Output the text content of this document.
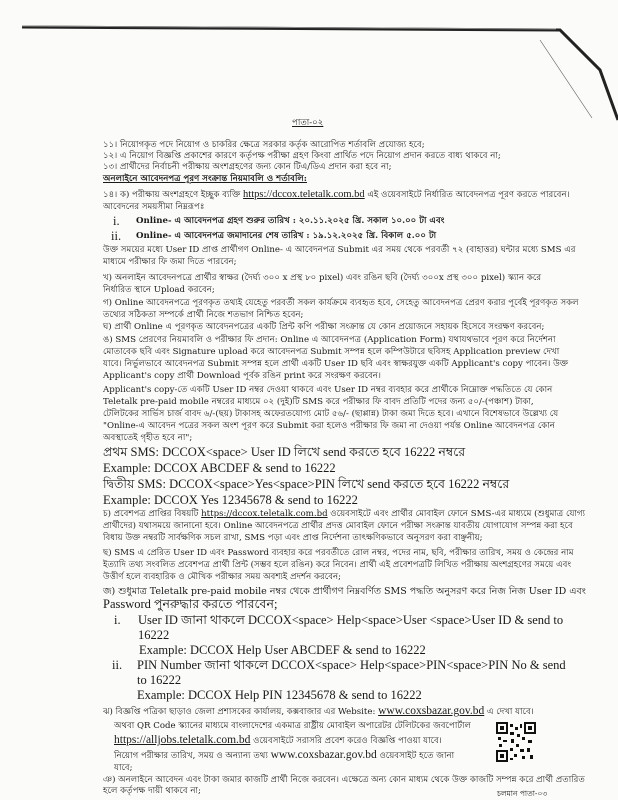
পাতা-০২
১১। নিয়োগকৃত পদে নিয়োগ ও চাকরির ক্ষেত্রে সরকার কর্তৃক আরোপিত শর্তাবলি প্রযোজ্য হবে;
১২। এ নিয়োগ বিজ্ঞপ্তি প্রকাশের কারণে কর্তৃপক্ষ পরীক্ষা গ্রহণ কিংবা প্রার্থিত পদে নিয়োগ প্রদান করতে বাধ্য থাকবে না;
১৩। প্রার্থীদের নির্বাচনী পরীক্ষায় অংশগ্রহণের জন্য কোন টিএ/ডিএ প্রদান করা হবে না;
অনলাইনে আবেদনপত্র পূরণ সংক্রান্ত নিয়মাবলি ও শর্তাবলি:
১৪। ক) পরীক্ষায় অংশগ্রহণে ইচ্ছুক ব্যক্তি https://dccox.teletalk.com.bd এই ওয়েবসাইটে নির্ধারিত আবেদনপত্র পূরণ করতে পারবেন।
আবেদনের সময়সীমা নিম্নরূপঃ
i. Online- এ আবেদনপত্র গ্রহণ শুরুর তারিখ : ২০.১১.২০২৫ খ্রি. সকাল ১০.০০ টা এবং
ii. Online- এ আবেদনপত্র জমাদানের শেষ তারিখ : ১৯.১২.২০২৫ খ্রি. বিকাল ৫.০০ টা
উক্ত সময়ের মধ্যে User ID প্রাপ্ত প্রার্থীগণ Online- এ আবেদনপত্র Submit এর সময় থেকে পরবর্তী ৭২ (বাহাত্তর) ঘন্টার মধ্যে SMS এর
মাধ্যমে পরীক্ষার ফি জমা দিতে পারবেন;
খ) অনলাইন আবেদনপত্রে প্রার্থীর স্বাক্ষর (দৈর্ঘ্য ৩০০ x প্রস্থ ৮০ pixel) এবং রঙিন ছবি (দৈর্ঘ্য ৩০০x প্রস্থ ৩০০ pixel) স্ক্যান করে
নির্ধারিত স্থানে Upload করবেন;
গ) Online আবেদনপত্রে পূরণকৃত তথ্যই যেহেতু পরবর্তী সকল কার্যক্রমে ব্যবহৃত হবে, সেহেতু আবেদনপত্র প্রেরণ করার পূর্বেই পূরণকৃত সকল
তথ্যের সঠিকতা সম্পর্কে প্রার্থী নিজে শতভাগ নিশ্চিত হবেন;
ঘ) প্রার্থী Online এ পূরণকৃত আবেদনপত্রের একটি প্রিন্ট কপি পরীক্ষা সংক্রান্ত যে কোন প্রয়োজনে সহায়ক হিসেবে সংরক্ষণ করবেন;
ঙ) SMS প্রেরণের নিয়মাবলি ও পরীক্ষার ফি প্রদান: Online এ আবেদনপত্র (Application Form) যথাযথভাবে পূরণ করে নির্দেশনা
মোতাবেক ছবি এবং Signature upload করে আবেদনপত্র Submit সম্পন্ন হলে কম্পিউটারে ছবিসহ Application preview দেখা
যাবে। নির্ভুলভাবে আবেদনপত্র Submit সম্পন্ন হলে প্রার্থী একটি User ID ছবি এবং স্বাক্ষরযুক্ত একটি Applicant's copy পাবেন। উক্ত
Applicant's copy প্রার্থী Download পূর্বক রঙিন print করে সংরক্ষণ করবেন।
Applicant's copy-তে একটি User ID নম্বর দেওয়া থাকবে এবং User ID নম্বর ব্যবহার করে প্রার্থীকে নিম্নোক্ত পদ্ধতিতে যে কোন
Teletalk pre-paid mobile নম্বরের মাধ্যমে ০২ (দুই)টি SMS করে পরীক্ষার ফি বাবদ প্রতিটি পদের জন্য ৫০/-(পঞ্চাশ) টাকা,
টেলিটকের সার্ভিস চার্জ বাবদ ৬/-(ছয়) টাকাসহ অফেরতযোগ্য মোট ৫৬/- (ছাপ্পান্ন) টাকা জমা দিতে হবে। এখানে বিশেষভাবে উল্লেখ্য যে
"Online-এ আবেদন পত্রের সকল অংশ পূরণ করে Submit করা হলেও পরীক্ষার ফি জমা না দেওয়া পর্যন্ত Online আবেদনপত্র কোন
অবস্থাতেই গৃহীত হবে না";
প্রথম SMS: DCCOX<space> User ID লিখে send করতে হবে 16222 নম্বরে
Example: DCCOX ABCDEF & send to 16222
দ্বিতীয় SMS: DCCOX<space>Yes<space>PIN লিখে send করতে হবে 16222 নম্বরে
Example: DCCOX Yes 12345678 & send to 16222
চ) প্রবেশপত্র প্রাপ্তির বিষয়টি https://dccox.teletalk.com.bd ওয়েবসাইটে এবং প্রার্থীর মোবাইল ফোনে SMS-এর মাধ্যমে (শুধুমাত্র যোগ্য
প্রার্থীদের) যথাসময়ে জানানো হবে। Online আবেদনপত্রে প্রার্থীর প্রদত্ত মোবাইল ফোনে পরীক্ষা সংক্রান্ত যাবতীয় যোগাযোগ সম্পন্ন করা হবে
বিধায় উক্ত নম্বরটি সার্বক্ষণিক সচল রাখা, SMS পড়া এবং প্রাপ্ত নির্দেশনা তাৎক্ষণিকভাবে অনুসরণ করা বাঞ্ছনীয়;
ছ) SMS এ প্রেরিত User ID এবং Password ব্যবহার করে পরবর্তীতে রোল নম্বর, পদের নাম, ছবি, পরীক্ষার তারিখ, সময় ও কেন্দ্রের নাম
ইত্যাদি তথ্য সংবলিত প্রবেশপত্র প্রার্থী প্রিন্ট (সম্ভব হলে রঙিন) করে নিবেন। প্রার্থী এই প্রবেশপত্রটি লিখিত পরীক্ষায় অংশগ্রহণের সময়ে এবং
উত্তীর্ণ হলে ব্যবহারিক ও মৌখিক পরীক্ষার সময় অবশ্যই প্রদর্শন করবেন;
জ) শুধুমাত্র Teletalk pre-paid mobile নম্বর থেকে প্রার্থীগণ নিম্নবর্ণিত SMS পদ্ধতি অনুসরণ করে নিজ নিজ User ID এবং
Password পুনরুদ্ধার করতে পারবেন;
i. User ID জানা থাকলে DCCOX<space> Help<space>User <space>User ID & send to
16222
Example: DCCOX Help User ABCDEF & send to 16222
ii. PIN Number জানা থাকলে DCCOX<space> Help<space>PIN<space>PIN No & send
to 16222
Example: DCCOX Help PIN 12345678 & send to 16222
ঝ) বিজ্ঞপ্তি পত্রিকা ছাড়াও জেলা প্রশাসকের কার্যালয়, কক্সবাজার এর Website: www.coxsbazar.gov.bd এ দেখা যাবে।
অথবা QR Code স্ক্যানের মাধ্যমে বাংলাদেশের একমাত্র রাষ্ট্রীয় মোবাইল অপারেটর টেলিটকের জবপোর্টাল
https://alljobs.teletalk.com.bd ওয়েবসাইটে সরাসরি প্রবেশ করেও বিজ্ঞপ্তি পাওয়া যাবে।
নিয়োগ পরীক্ষার তারিখ, সময় ও অন্যান্য তথ্য www.coxsbazar.gov.bd ওয়েবসাইট হতে জানা
যাবে;
ঞ) অনলাইনে আবেদন এবং টাকা জমার কাজটি প্রার্থী নিজে করবেন। এক্ষেত্রে অন্য কোন মাধ্যম থেকে উক্ত কাজটি সম্পন্ন করে প্রার্থী প্রতারিত
হলে কর্তৃপক্ষ দায়ী থাকবে না;	চলমান পাতা-০৩
